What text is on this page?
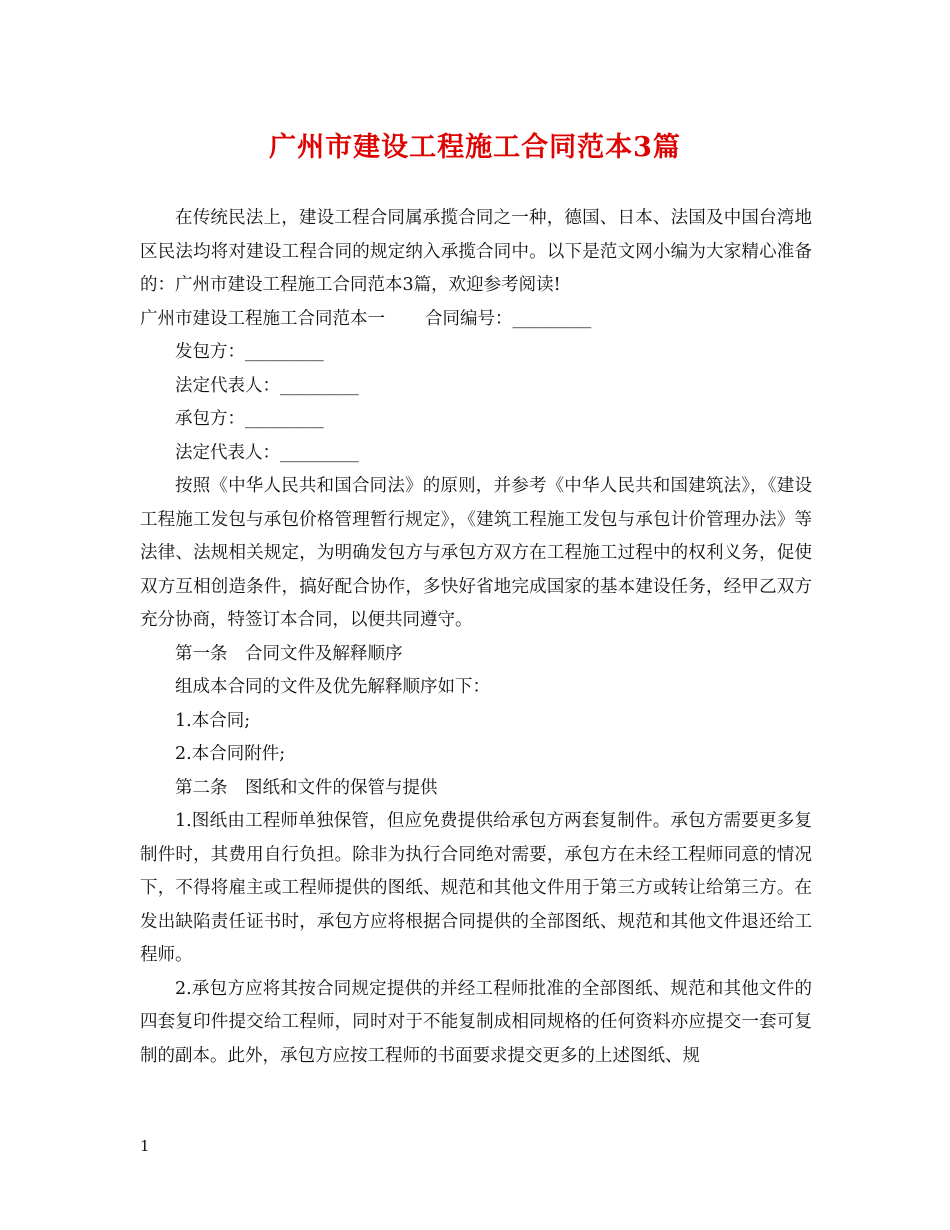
广州市建设工程施工合同范本3篇

在传统民法上，建设工程合同属承揽合同之一种，德国、日本、法国及中国台湾地区民法均将对建设工程合同的规定纳入承揽合同中。以下是范文网小编为大家精心准备的：广州市建设工程施工合同范本3篇，欢迎参考阅读!

广州市建设工程施工合同范本一 合同编号：_________

发包方：_________

法定代表人：_________

承包方：_________

法定代表人：_________

按照《中华人民共和国合同法》的原则，并参考《中华人民共和国建筑法》，《建设工程施工发包与承包价格管理暂行规定》，《建筑工程施工发包与承包计价管理办法》等法律、法规相关规定，为明确发包方与承包方双方在工程施工过程中的权利义务，促使双方互相创造条件，搞好配合协作，多快好省地完成国家的基本建设任务，经甲乙双方充分协商，特签订本合同，以便共同遵守。

第一条　合同文件及解释顺序

组成本合同的文件及优先解释顺序如下：

1.本合同;

2.本合同附件;

第二条　图纸和文件的保管与提供

1.图纸由工程师单独保管，但应免费提供给承包方两套复制件。承包方需要更多复制件时，其费用自行负担。除非为执行合同绝对需要，承包方在未经工程师同意的情况下，不得将雇主或工程师提供的图纸、规范和其他文件用于第三方或转让给第三方。在发出缺陷责任证书时，承包方应将根据合同提供的全部图纸、规范和其他文件退还给工程师。

2.承包方应将其按合同规定提供的并经工程师批准的全部图纸、规范和其他文件的四套复印件提交给工程师，同时对于不能复制成相同规格的任何资料亦应提交一套可复制的副本。此外，承包方应按工程师的书面要求提交更多的上述图纸、规

1
